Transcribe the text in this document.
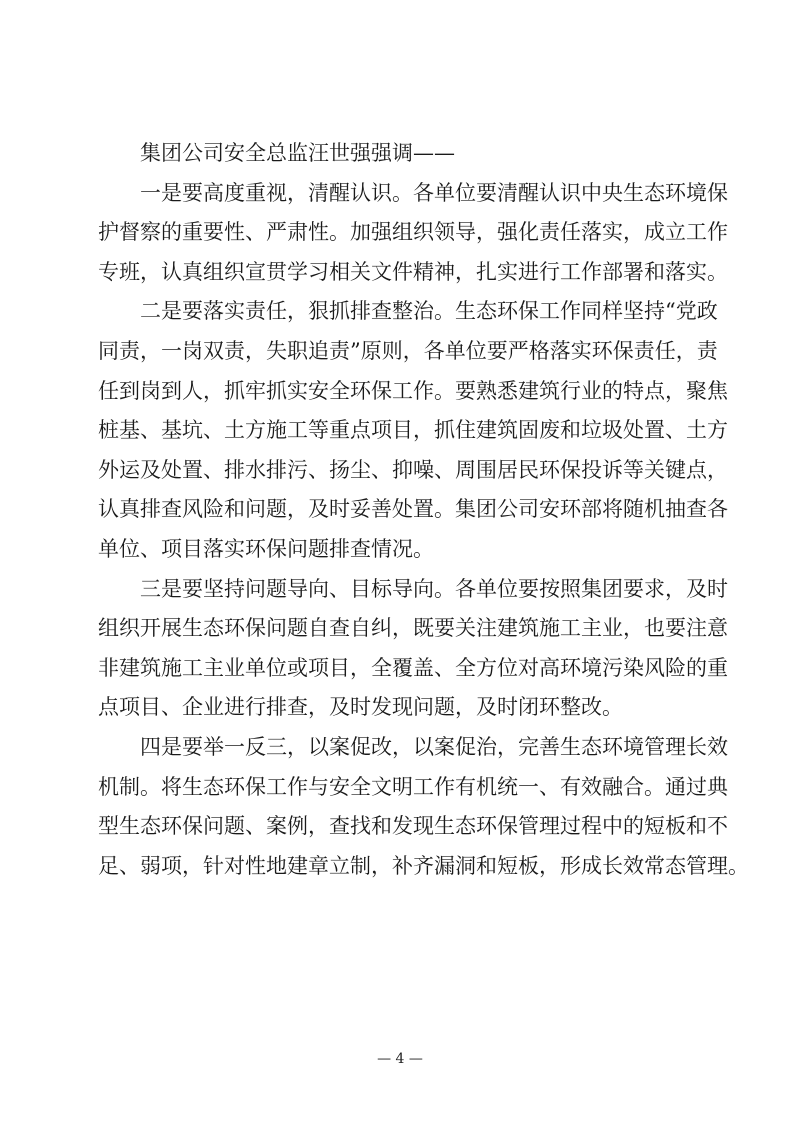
集团公司安全总监汪世强强调——
一是要高度重视，清醒认识。各单位要清醒认识中央生态环境保
护督察的重要性、严肃性。加强组织领导，强化责任落实，成立工作
专班，认真组织宣贯学习相关文件精神，扎实进行工作部署和落实。
二是要落实责任，狠抓排查整治。生态环保工作同样坚持“党政
同责，一岗双责，失职追责”原则，各单位要严格落实环保责任，责
任到岗到人，抓牢抓实安全环保工作。要熟悉建筑行业的特点，聚焦
桩基、基坑、土方施工等重点项目，抓住建筑固废和垃圾处置、土方
外运及处置、排水排污、扬尘、抑噪、周围居民环保投诉等关键点，
认真排查风险和问题，及时妥善处置。集团公司安环部将随机抽查各
单位、项目落实环保问题排查情况。
三是要坚持问题导向、目标导向。各单位要按照集团要求，及时
组织开展生态环保问题自查自纠，既要关注建筑施工主业，也要注意
非建筑施工主业单位或项目，全覆盖、全方位对高环境污染风险的重
点项目、企业进行排查，及时发现问题，及时闭环整改。
四是要举一反三，以案促改，以案促治，完善生态环境管理长效
机制。将生态环保工作与安全文明工作有机统一、有效融合。通过典
型生态环保问题、案例，查找和发现生态环保管理过程中的短板和不
足、弱项，针对性地建章立制，补齐漏洞和短板，形成长效常态管理。
— 4 —
